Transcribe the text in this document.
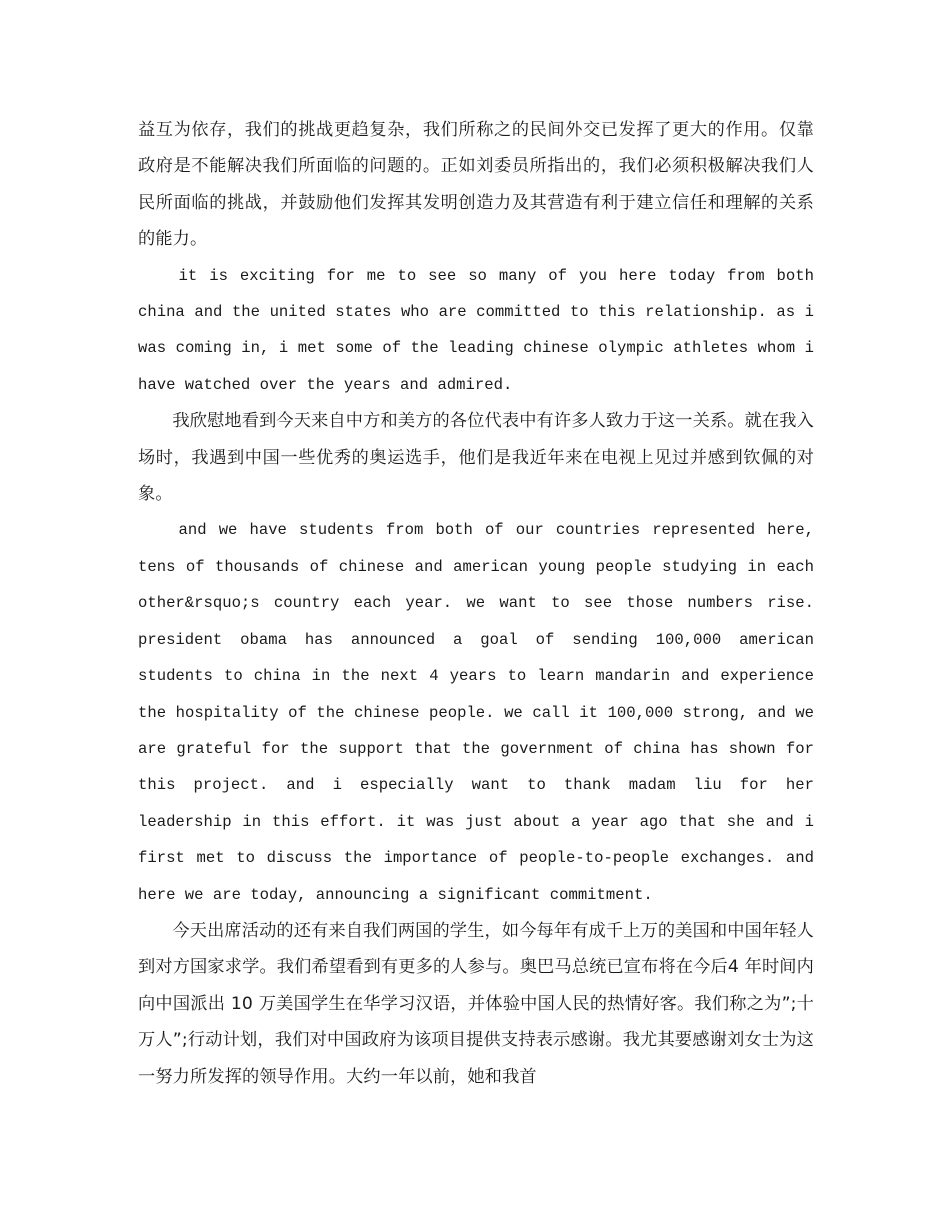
益互为依存，我们的挑战更趋复杂，我们所称之的民间外交已发挥了更大的作用。仅靠政府是不能解决我们所面临的问题的。正如刘委员所指出的，我们必须积极解决我们人民所面临的挑战，并鼓励他们发挥其发明创造力及其营造有利于建立信任和理解的关系的能力。

it is exciting for me to see so many of you here today from both china and the united states who are committed to this relationship. as i was coming in, i met some of the leading chinese olympic athletes whom i have watched over the years and admired.

我欣慰地看到今天来自中方和美方的各位代表中有许多人致力于这一关系。就在我入场时，我遇到中国一些优秀的奥运选手，他们是我近年来在电视上见过并感到钦佩的对象。

and we have students from both of our countries represented here, tens of thousands of chinese and american young people studying in each other&rsquo;s country each year. we want to see those numbers rise. president obama has announced a goal of sending 100,000 american students to china in the next 4 years to learn mandarin and experience the hospitality of the chinese people. we call it 100,000 strong, and we are grateful for the support that the government of china has shown for this project. and i especially want to thank madam liu for her leadership in this effort. it was just about a year ago that she and i first met to discuss the importance of people-to-people exchanges. and here we are today, announcing a significant commitment.

今天出席活动的还有来自我们两国的学生，如今每年有成千上万的美国和中国年轻人到对方国家求学。我们希望看到有更多的人参与。奥巴马总统已宣布将在今后4 年时间内向中国派出 10 万美国学生在华学习汉语，并体验中国人民的热情好客。我们称之为”;十万人”;行动计划，我们对中国政府为该项目提供支持表示感谢。我尤其要感谢刘女士为这一努力所发挥的领导作用。大约一年以前，她和我首
